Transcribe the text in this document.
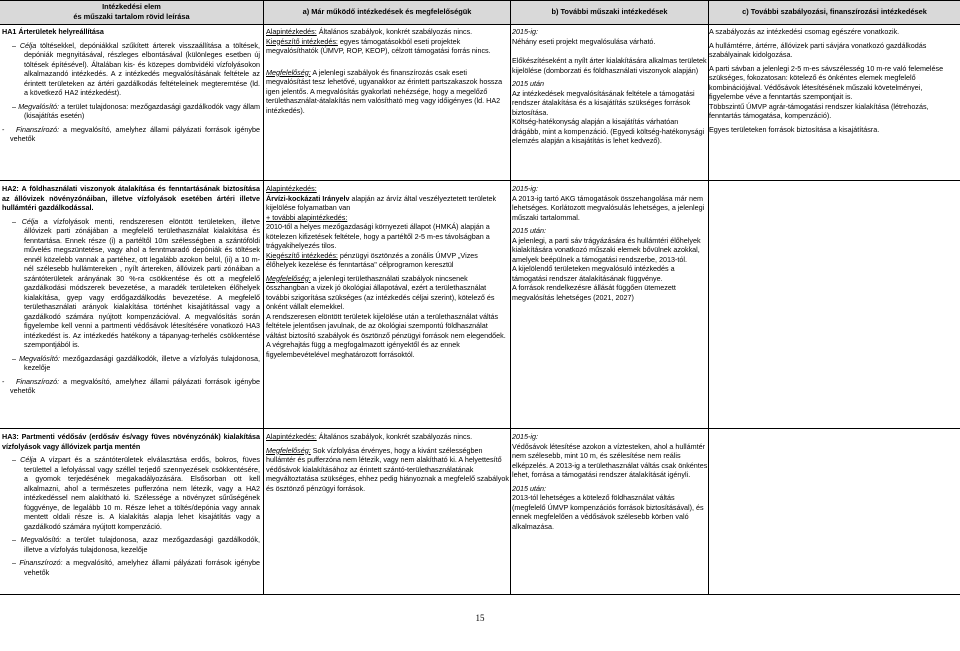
Intézkedési elem
és műszaki tartalom rövid leírása
a) Már működő intézkedések és megfelelőségük	b) További műszaki intézkedések	c) További szabályozási, finanszírozási intézkedések

HA1 Árterületek helyreállítása

– Célja töltésekkel, depóniákkal szűkített árterek visszaállítása a töltések, depóniák megnyitásával, részleges elbontásával (különleges esetben új töltések építésével). Általában kis- és közepes dombvidéki vízfolyásokon alkalmazandó intézkedés. A z intézkedés megvalósításának feltétele az érintett területeken az ártéri gazdálkodás feltételeinek megteremtése (ld. a következő HA2 intézkedést).

– Megvalósító: a terület tulajdonosa: mezőgazdasági gazdálkodók vagy állam (kisajátítás esetén)

-   Finanszírozó: a megvalósító, amelyhez állami pályázati források igénybe vehetők

Alapintézkedés: Általános szabályok, konkrét szabályozás nincs.
Kiegészítő intézkedés: egyes támogatásokból eseti projektek megvalósíthatók (ÚMVP, ROP, KEOP), célzott támogatási forrás nincs.

Megfelelőség: A jelenlegi szabályok és finanszírozás csak eseti megvalósítást tesz lehetővé, ugyanakkor az érintett partszakaszok hossza igen jelentős. A megvalósítás gyakorlati nehézsége, hogy a megelőző területhasználat-átalakítás nem valósítható meg vagy időigényes (ld. HA2 intézkedés).

2015-ig:

Néhány eseti projekt megvalósulása várható.

Előkészítéseként a nyílt árter kialakítására alkalmas területek kijelölése (domborzati és földhasználati viszonyok alapján)

2015 után

Az intézkedések megvalósításának feltétele a támogatási rendszer átalakítása és a kisajátítás szükséges források biztosítása.

Költség-hatékonyság alapján a kisajátítás várhatóan drágább, mint a kompenzáció. (Egyedi költség-hatékonysági elemzés alapján a kisajátítás is lehet kedvező).

A szabályozás az intézkedési csomag egészére vonatkozik.

A hullámtérre, ártérre, állóvizek parti sávjára vonatkozó gazdálkodás szabályainak kidolgozása.

A parti sávban a jelenlegi 2-5 m-es sávszélesség 10 m-re való felemelése szükséges, fokozatosan: kötelező és önkéntes elemek megfelelő kombinációjával. Védősávok létesítésének műszaki követelményei, figyelembe véve a fenntartás szempontjait is.

Többszintű ÚMVP agrár-támogatási rendszer kialakítása (létrehozás, fenntartás támogatása, kompenzáció).

Egyes területeken források biztosítása a kisajátításra.

HA2: A földhasználati viszonyok átalakítása és fenntartásának biztosítása az állóvizek növényzónáiban, illetve vízfolyások esetében ártéri illetve hullámtéri gazdálkodással.

– Célja a vízfolyások menti, rendszeresen elöntött területeken, illetve állóvizek parti zónájában a megfelelő területhasználat kialakítása és fenntartása. Ennek része (i) a partéltől 10m szélességben a szántóföldi művelés megszüntetése, vagy ahol a fenntmaradó depóniák és töltések ennél közelebb vannak a partéhez, ott legalább azokon belül, (ii) a 10 m-nél szélesebb hullámtereken , nyílt ártereken, állóvizek parti zónáiban a szántóterületek arányának 30 %-ra csökkentése és ott a megfelelő gazdálkodási módszerek bevezetése, a maradék területeken élőhelyek kialakítása, gyep vagy erdőgazdálkodás bevezetése. A megfelelő területhasználati arányok kialakítása történhet kisajátítással vagy a gazdálkodó számára nyújtott kompenzációval. A megvalósítás során figyelembe kell venni a partmenti védősávok létesítésére vonatkozó HA3 intézkedést is. Az intézkedés hatékony a tápanyag-terhelés csökkentése szempontjából is.

– Megvalósító: mezőgazdasági gazdálkodók, illetve a vízfolyás tulajdonosa, kezelője

-   Finanszírozó: a megvalósító, amelyhez állami pályázati források igénybe vehetők

Alapintézkedés:

Árvízi-kockázati Irányelv alapján az árvíz által veszélyeztetett területek kijelölése folyamatban van

+ további alapintézkedés:

2010-től a helyes mezőgazdasági környezeti állapot (HMKÁ) alapján a kötelezen kifizetések feltétele, hogy a partéltől 2-5 m-es távolságban a trágyakihelyezés tilos.

Kiegészítő intézkedés: pénzügyi ösztönzés a zonális ÚMVP „Vizes élőhelyek kezelése és fenntartása" célprogramon keresztül

Megfelelőség: a jelenlegi területhasználati szabályok nincsenek összhangban a vizek jó ökológiai állapotával, ezért a területhasználat további szigorítása szükséges (az intézkedés céljai szerint), kötelező és önként vállalt elemekkel.

A rendszeresen elöntött területek kijelölése után a területhasználat váltás feltétele jelentősen javulnak, de az ökológiai szempontú földhasználat váltást biztosító szabályok és ösztönző pénzügyi források nem elegendőek.

A végrehajtás függ a megfogalmazott igényektől és az ennek figyelembevételével meghatározott forrásoktól.

2015-ig:

A 2013-ig tartó AKG támogatások összehangolása már nem lehetséges. Korlátozott megvalósulás lehetséges, a jelenlegi műszaki tartalommal.

2015 után:

A jelenlegi, a parti sáv trágyázására és hullámtéri élőhelyek kialakítására vonatkozó műszaki elemek bővülnek azokkal, amelyek beépülnek a támogatási rendszerbe, 2013-tól.

A kijelölendő területeken megvalósuló intézkedés a támogatási rendszer átalakításának függvénye.

A források rendelkezésre állását függően ütemezett megvalósítás lehetséges (2021, 2027)

HA3: Partmenti védősáv (erdősáv és/vagy füves növényzónák) kialakítása vízfolyások vagy állóvizek partja mentén

– Célja A vízpart és a szántóterületek elválasztása erdős, bokros, füves területtel a lefolyással vagy széllel terjedő szennyezések csökkentésére, a gyomok terjedésének megakadályozására. Elsősorban ott kell alkalmazni, ahol a természetes pufferzóna nem létezik, vagy a HA2 intézkedéssel nem alakítható ki. Szélessége a növényzet sűrűségének függvénye, de legalább 10 m. Része lehet a töltés/depónia vagy annak mentett oldali része is. A kialakítás alapja lehet kisajátítás vagy a gazdálkodó számára nyújtott kompenzáció.

– Megvalósító: a terület tulajdonosa, azaz mezőgazdasági gazdálkodók, illetve a vízfolyás tulajdonosa, kezelője

– Finanszírozó: a megvalósító, amelyhez állami pályázati források igénybe vehetők

Alapintézkedés: Általános szabályok, konkrét szabályozás nincs.

Megfelelőség: Sok vízfolyása érvényes, hogy a kivánt szélességben hullámtér és pufferzóna nem létezik, vagy nem alakítható ki. A helyettesítő védősávok kialakításához az érintett szántó-területhasználatának megváltoztatása szükséges, ehhez pedig hiányoznak a megfelelő szabályok és ösztönző pénzügyi források.

2015-ig:

Védősávok létesítése azokon a víztesteken, ahol a hullámtér nem szélesebb, mint 10 m, és szélesítése nem reális elképzelés. A 2013-ig a területhasználat váltás csak önkéntes lehet, forrása a támogatási rendszer átalakítását igényli.

2015 után:

2013-tól lehetséges a kötelező földhasználat váltás (megfelelő ÚMVP kompenzációs források biztosításával), és ennek megfelelően a védősávok szélesebb körben való alkalmazása.

15
